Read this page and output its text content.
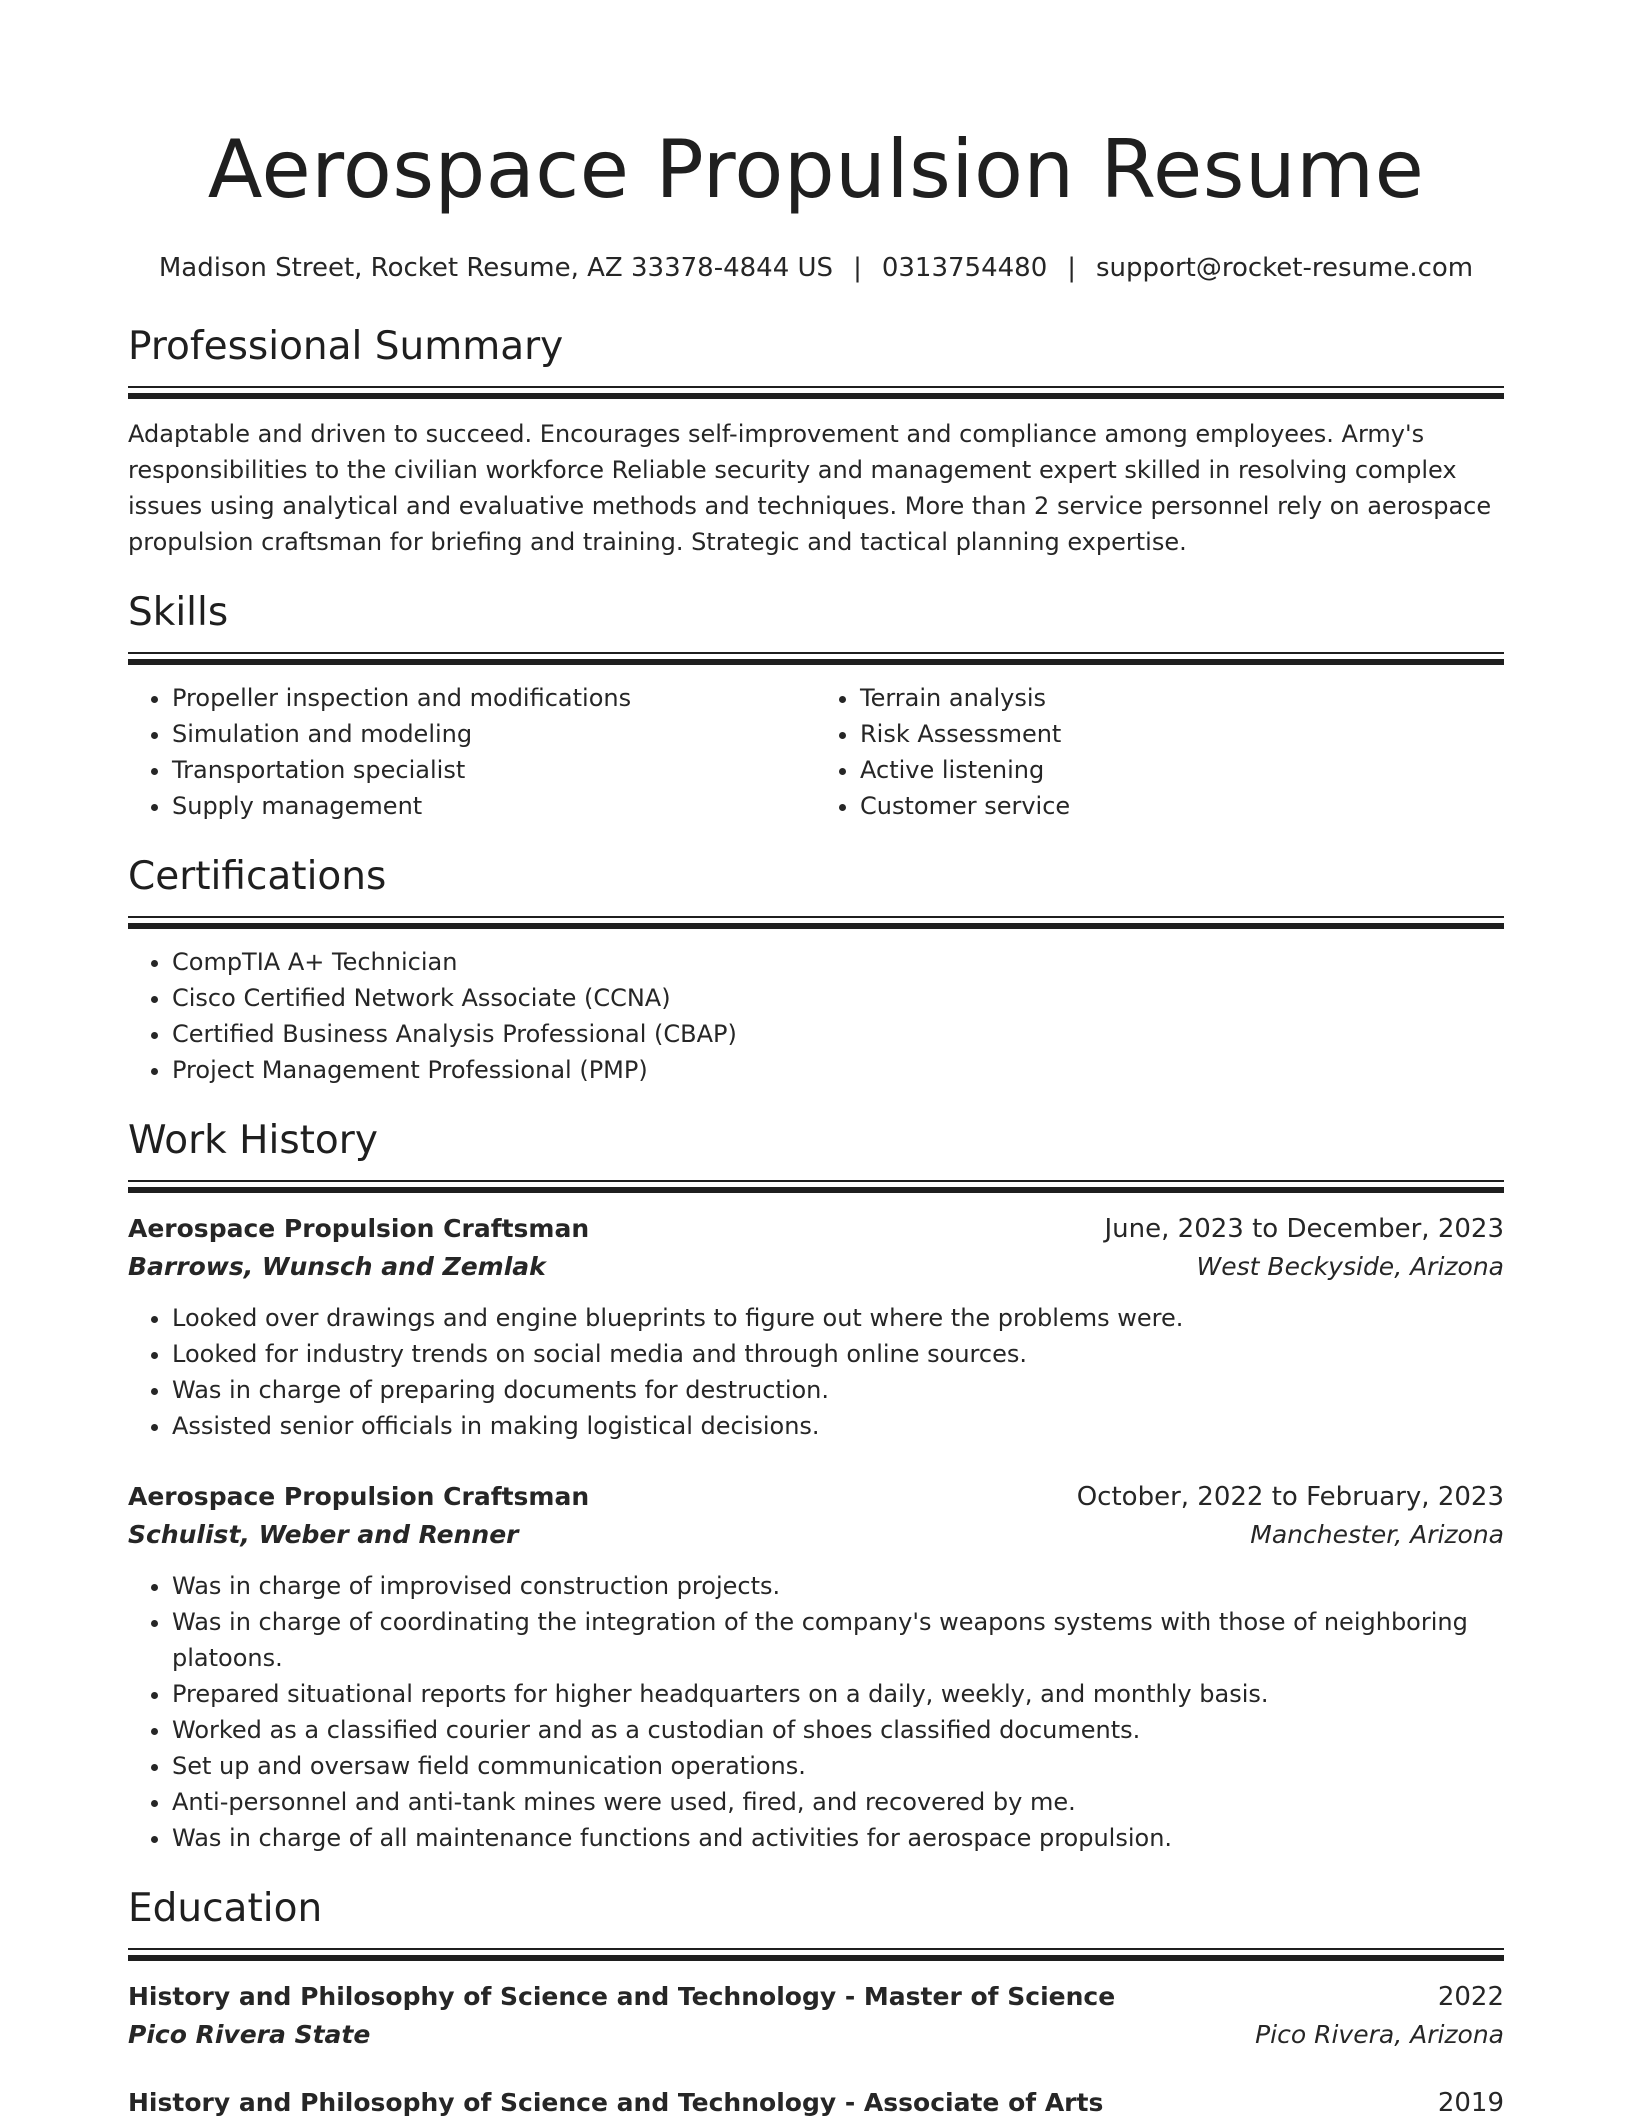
Aerospace Propulsion Resume
Madison Street, Rocket Resume, AZ 33378-4844 US | 0313754480 | support@rocket-resume.com
Professional Summary
Adaptable and driven to succeed. Encourages self-improvement and compliance among employees. Army's responsibilities to the civilian workforce Reliable security and management expert skilled in resolving complex issues using analytical and evaluative methods and techniques. More than 2 service personnel rely on aerospace propulsion craftsman for briefing and training. Strategic and tactical planning expertise.
Skills
• Propeller inspection and modifications
• Simulation and modeling
• Transportation specialist
• Supply management
• Terrain analysis
• Risk Assessment
• Active listening
• Customer service
Certifications
• CompTIA A+ Technician
• Cisco Certified Network Associate (CCNA)
• Certified Business Analysis Professional (CBAP)
• Project Management Professional (PMP)
Work History
Aerospace Propulsion Craftsman	June, 2023 to December, 2023
Barrows, Wunsch and Zemlak	West Beckyside, Arizona
• Looked over drawings and engine blueprints to figure out where the problems were.
• Looked for industry trends on social media and through online sources.
• Was in charge of preparing documents for destruction.
• Assisted senior officials in making logistical decisions.
Aerospace Propulsion Craftsman	October, 2022 to February, 2023
Schulist, Weber and Renner	Manchester, Arizona
• Was in charge of improvised construction projects.
• Was in charge of coordinating the integration of the company's weapons systems with those of neighboring platoons.
• Prepared situational reports for higher headquarters on a daily, weekly, and monthly basis.
• Worked as a classified courier and as a custodian of shoes classified documents.
• Set up and oversaw field communication operations.
• Anti-personnel and anti-tank mines were used, fired, and recovered by me.
• Was in charge of all maintenance functions and activities for aerospace propulsion.
Education
History and Philosophy of Science and Technology - Master of Science	2022
Pico Rivera State	Pico Rivera, Arizona
History and Philosophy of Science and Technology - Associate of Arts	2019
